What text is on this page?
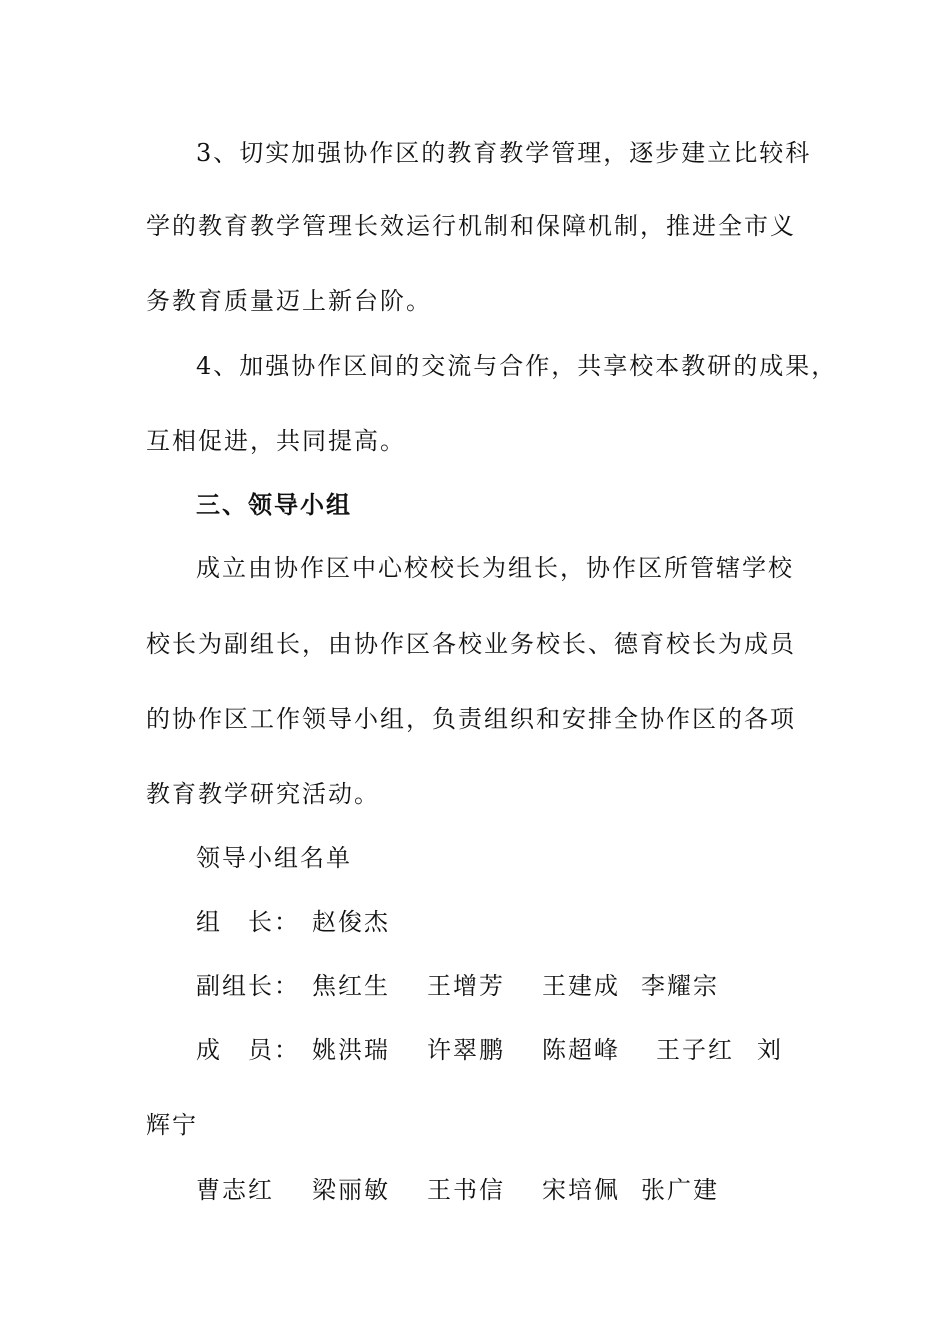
3、切实加强协作区的教育教学管理，逐步建立比较科
学的教育教学管理长效运行机制和保障机制，推进全市义
务教育质量迈上新台阶。
4、加强协作区间的交流与合作，共享校本教研的成果，
互相促进，共同提高。
三、领导小组
成立由协作区中心校校长为组长，协作区所管辖学校
校长为副组长，由协作区各校业务校长、德育校长为成员
的协作区工作领导小组，负责组织和安排全协作区的各项
教育教学研究活动。
领导小组名单
组　长： 赵俊杰
副组长： 焦红生 王增芳 王建成 李耀宗
成　员： 姚洪瑞 许翠鹏 陈超峰 王子红 刘
辉宁
曹志红 梁丽敏 王书信 宋培佩 张广建
